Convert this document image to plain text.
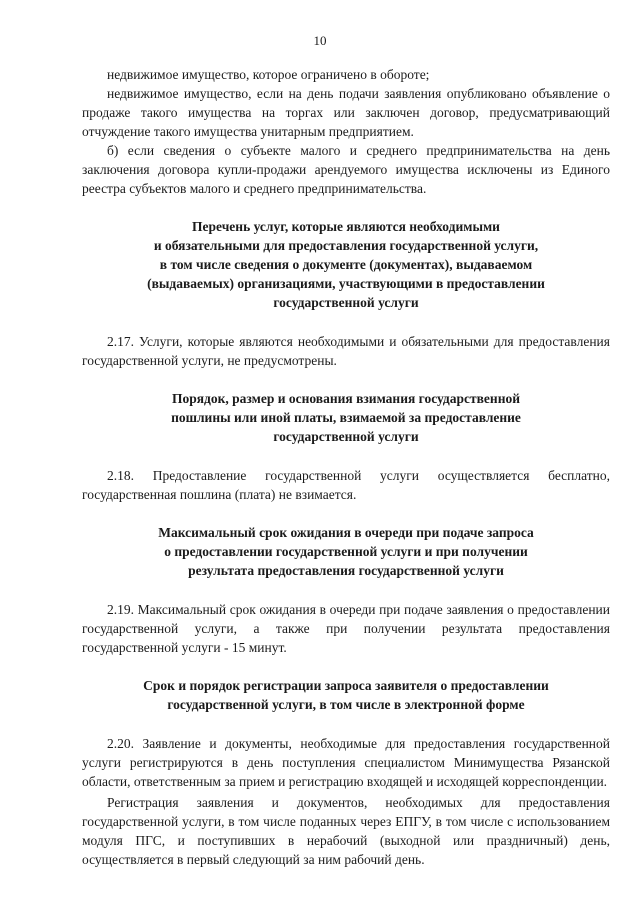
10

недвижимое имущество, которое ограничено в обороте;

недвижимое имущество, если на день подачи заявления опубликовано объявление о продаже такого имущества на торгах или заключен договор, предусматривающий отчуждение такого имущества унитарным предприятием.

б) если сведения о субъекте малого и среднего предпринимательства на день заключения договора купли-продажи арендуемого имущества исключены из Единого реестра субъектов малого и среднего предпринимательства.

Перечень услуг, которые являются необходимыми
и обязательными для предоставления государственной услуги,
в том числе сведения о документе (документах), выдаваемом
(выдаваемых) организациями, участвующими в предоставлении
государственной услуги

2.17. Услуги, которые являются необходимыми и обязательными для предоставления государственной услуги, не предусмотрены.

Порядок, размер и основания взимания государственной
пошлины или иной платы, взимаемой за предоставление
государственной услуги

2.18. Предоставление государственной услуги осуществляется бесплатно, государственная пошлина (плата) не взимается.

Максимальный срок ожидания в очереди при подаче запроса
о предоставлении государственной услуги и при получении
результата предоставления государственной услуги

2.19. Максимальный срок ожидания в очереди при подаче заявления о предоставлении государственной услуги, а также при получении результата предоставления государственной услуги - 15 минут.

Срок и порядок регистрации запроса заявителя о предоставлении
государственной услуги, в том числе в электронной форме

2.20. Заявление и документы, необходимые для предоставления государственной услуги регистрируются в день поступления специалистом Минимущества Рязанской области, ответственным за прием и регистрацию входящей и исходящей корреспонденции.

Регистрация заявления и документов, необходимых для предоставления государственной услуги, в том числе поданных через ЕПГУ, в том числе с использованием модуля ПГС, и поступивших в нерабочий (выходной или праздничный) день, осуществляется в первый следующий за ним рабочий день.
